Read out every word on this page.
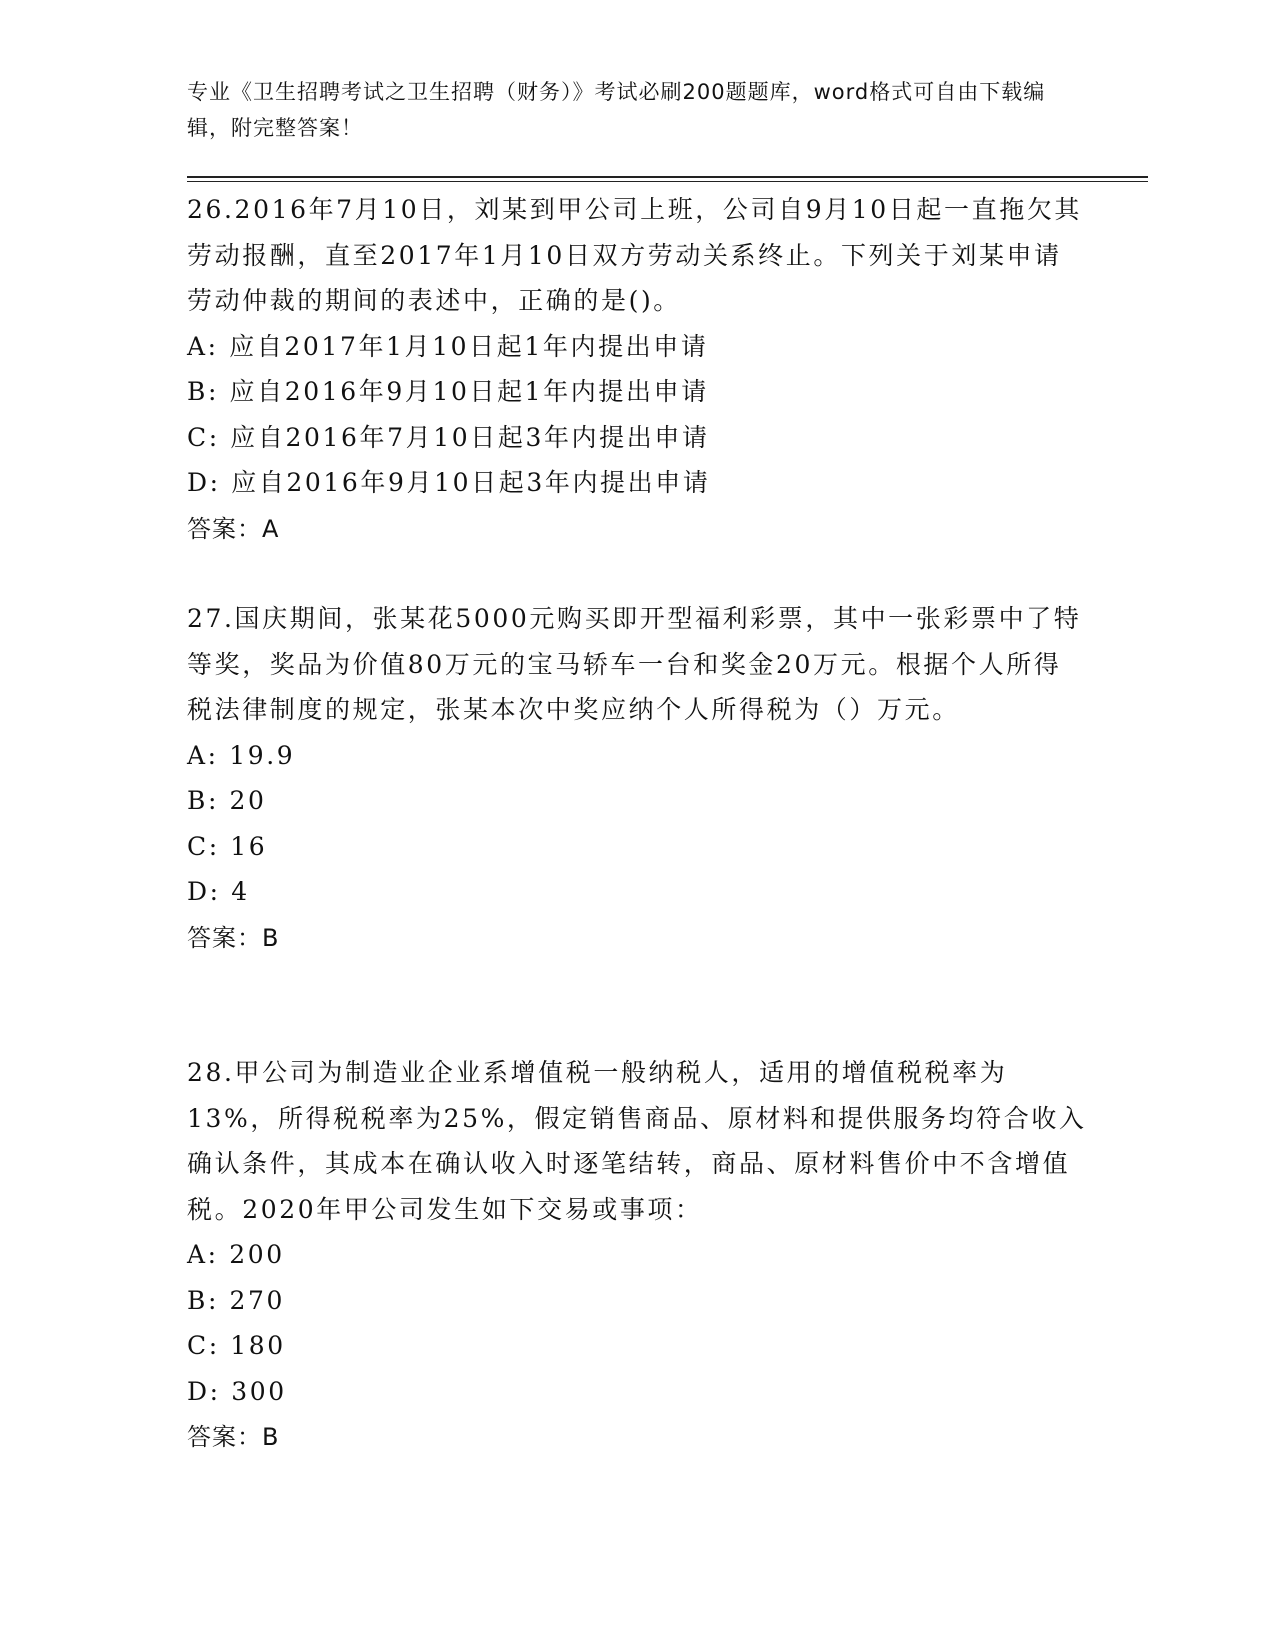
专业《卫生招聘考试之卫生招聘（财务）》考试必刷200题题库，word格式可自由下载编辑，附完整答案！

26.2016年7月10日，刘某到甲公司上班，公司自9月10日起一直拖欠其劳动报酬，直至2017年1月10日双方劳动关系终止。下列关于刘某申请劳动仲裁的期间的表述中，正确的是()。

A: 应自2017年1月10日起1年内提出申请

B: 应自2016年9月10日起1年内提出申请

C: 应自2016年7月10日起3年内提出申请

D: 应自2016年9月10日起3年内提出申请

答案：A

27.国庆期间，张某花5000元购买即开型福利彩票，其中一张彩票中了特等奖，奖品为价值80万元的宝马轿车一台和奖金20万元。根据个人所得税法律制度的规定，张某本次中奖应纳个人所得税为（）万元。

A: 19.9

B: 20

C: 16

D: 4

答案：B

28.甲公司为制造业企业系增值税一般纳税人，适用的增值税税率为13%，所得税税率为25%，假定销售商品、原材料和提供服务均符合收入确认条件，其成本在确认收入时逐笔结转，商品、原材料售价中不含增值税。2020年甲公司发生如下交易或事项：

A: 200

B: 270

C: 180

D: 300

答案：B
